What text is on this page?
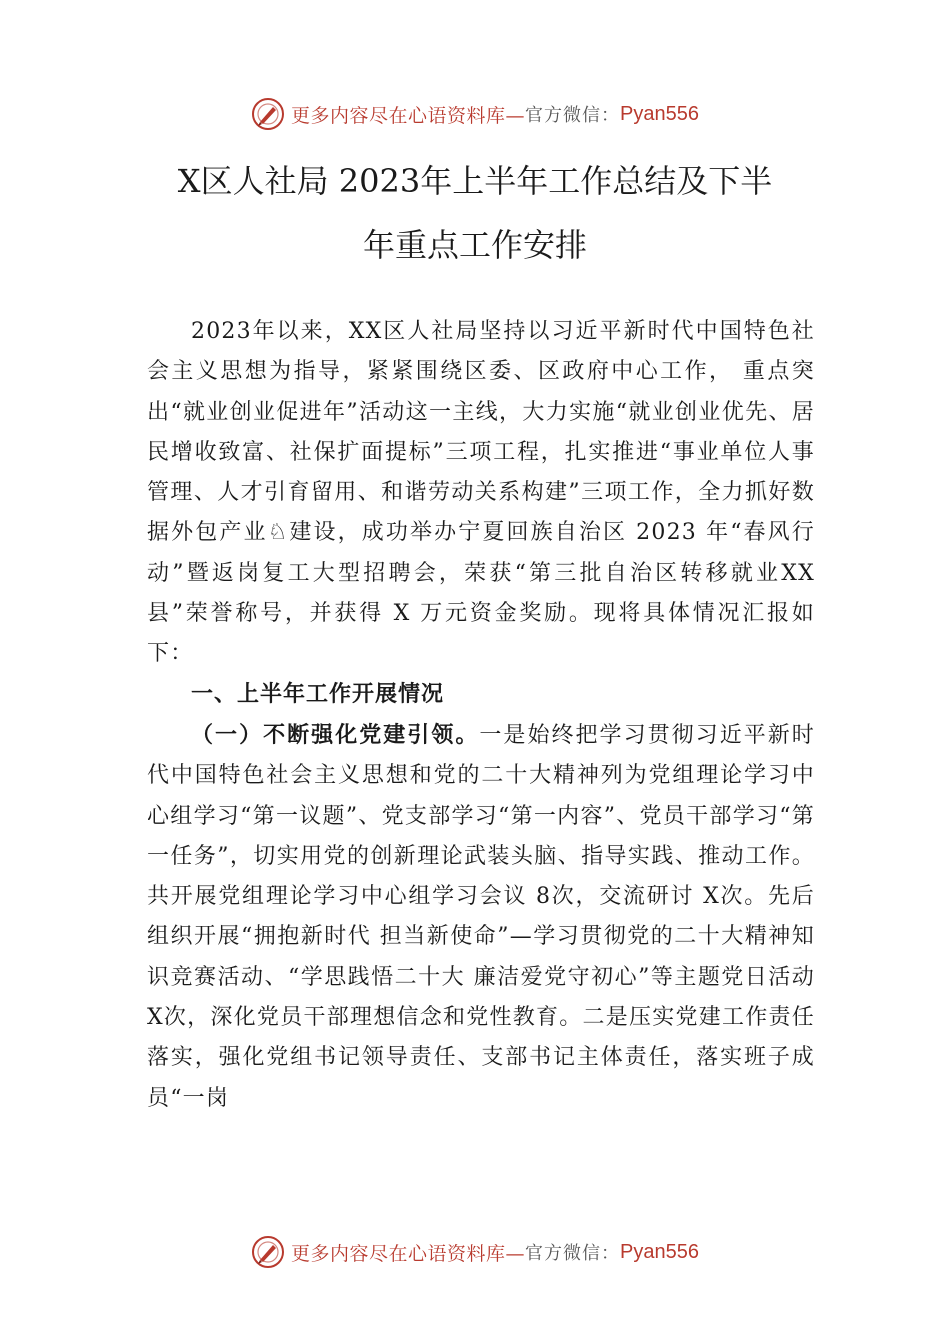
更多内容尽在心语资料库— 官方微信： Pyan556
X区人社局 2023年上半年工作总结及下半
年重点工作安排

2023年以来，XX区人社局坚持以习近平新时代中国特色社会主义思想为指导，紧紧围绕区委、区政府中心工作， 重点突出“就业创业促进年”活动这一主线，大力实施“就业创业优先、居民增收致富、社保扩面提标”三项工程，扎实推进“事业单位人事管理、人才引育留用、和谐劳动关系构建”三项工作，全力抓好数据外包产业♘建设，成功举办宁夏回族自治区 2023 年“春风行动”暨返岗复工大型招聘会，荣获“第三批自治区转移就业XX县”荣誉称号，并获得 X 万元资金奖励。现将具体情况汇报如下：

一、上半年工作开展情况

（一）不断强化党建引领。一是始终把学习贯彻习近平新时代中国特色社会主义思想和党的二十大精神列为党组理论学习中心组学习“第一议题”、党支部学习“第一内容”、党员干部学习“第一任务”，切实用党的创新理论武装头脑、指导实践、推动工作。共开展党组理论学习中心组学习会议 8次，交流研讨 X次。先后组织开展“拥抱新时代 担当新使命”—学习贯彻党的二十大精神知识竞赛活动、“学思践悟二十大 廉洁爱党守初心”等主题党日活动 X次，深化党员干部理想信念和党性教育。二是压实党建工作责任落实，强化党组书记领导责任、支部书记主体责任，落实班子成员“一岗

更多内容尽在心语资料库— 官方微信： Pyan556
